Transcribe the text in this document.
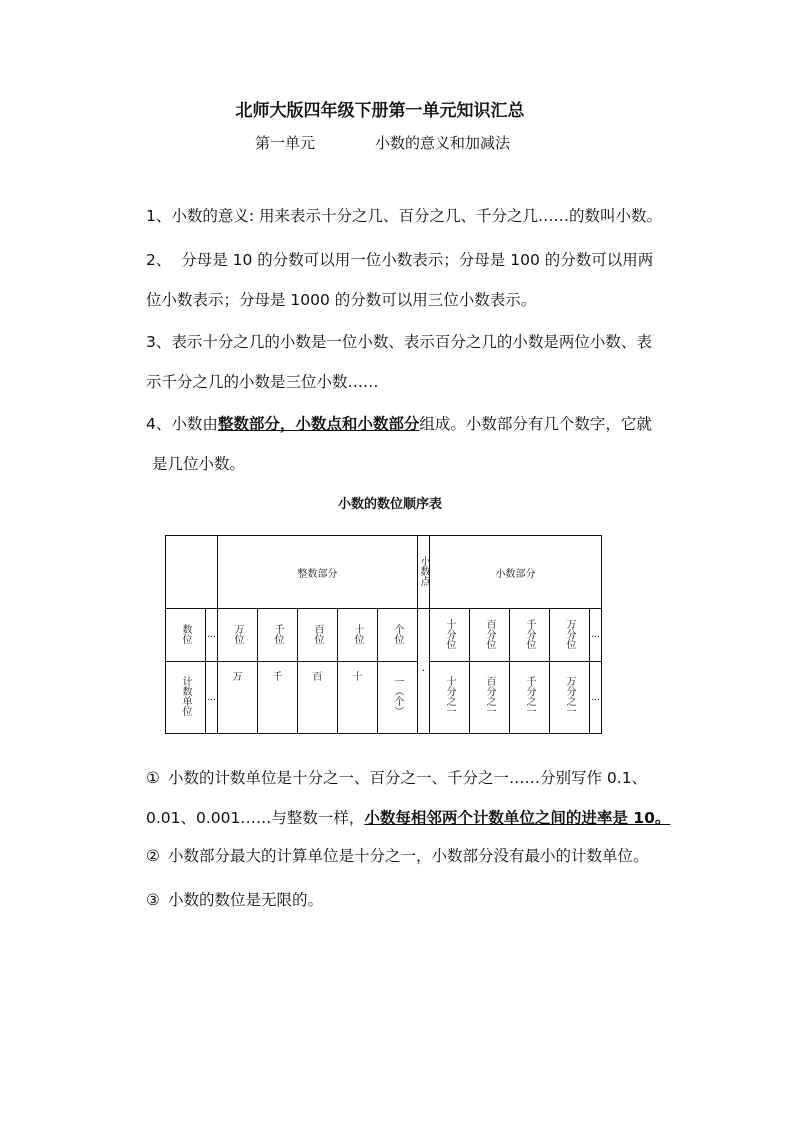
北师大版四年级下册第一单元知识汇总
第一单元	小数的意义和加减法
1、小数的意义: 用来表示十分之几、百分之几、千分之几……的数叫小数。
2、  分母是 10 的分数可以用一位小数表示；分母是 100 的分数可以用两
位小数表示；分母是 1000 的分数可以用三位小数表示。
3、表示十分之几的小数是一位小数、表示百分之几的小数是两位小数、表
示千分之几的小数是三位小数……
4、小数由整数部分，小数点和小数部分组成。小数部分有几个数字，它就
是几位小数。
小数的数位顺序表
		整数部分					小数点	小数部分				
数位	…	万位	千位	百位	十位	个位	·	十分位	百分位	千分位	万分位	…
计数单位	…	万	千	百	十	一（个）		十分之一	百分之一	千分之一	万分之一	…
① 小数的计数单位是十分之一、百分之一、千分之一……分别写作 0.1、
0.01、0.001……与整数一样，小数每相邻两个计数单位之间的进率是 10。
② 小数部分最大的计算单位是十分之一，小数部分没有最小的计数单位。
③ 小数的数位是无限的。
